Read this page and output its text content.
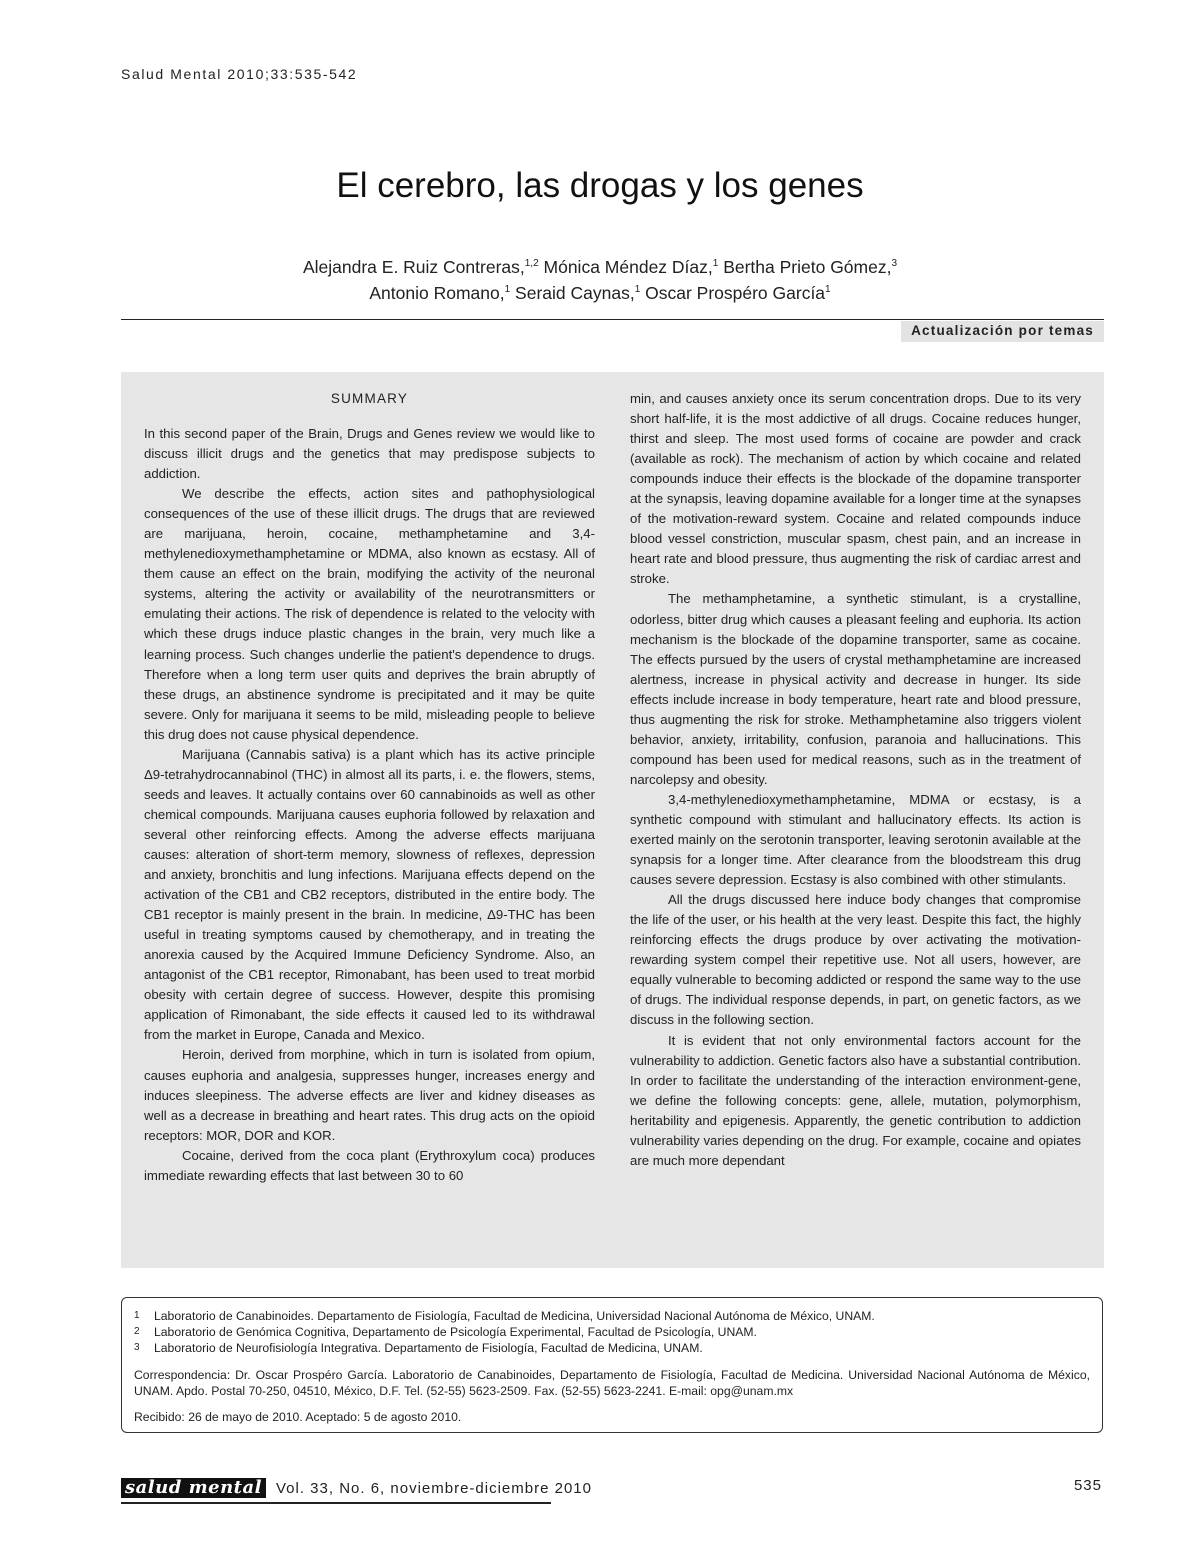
Salud Mental 2010;33:535-542
El cerebro, las drogas y los genes
Alejandra E. Ruiz Contreras,$^{1,2}$ Mónica Méndez Díaz,$^1$ Bertha Prieto Gómez,$^3$
Antonio Romano,$^1$ Seraid Caynas,$^1$ Oscar Prospéro García$^1$
Actualización por temas
SUMMARY

In this second paper of the Brain, Drugs and Genes review we would like to discuss illicit drugs and the genetics that may predispose subjects to addiction.

We describe the effects, action sites and pathophysiological consequences of the use of these illicit drugs. The drugs that are reviewed are marijuana, heroin, cocaine, methamphetamine and 3,4-methylenedioxymethamphetamine or MDMA, also known as ecstasy. All of them cause an effect on the brain, modifying the activity of the neuronal systems, altering the activity or availability of the neurotransmitters or emulating their actions. The risk of dependence is related to the velocity with which these drugs induce plastic changes in the brain, very much like a learning process. Such changes underlie the patient's dependence to drugs. Therefore when a long term user quits and deprives the brain abruptly of these drugs, an abstinence syndrome is precipitated and it may be quite severe. Only for marijuana it seems to be mild, misleading people to believe this drug does not cause physical dependence.

Marijuana (Cannabis sativa) is a plant which has its active principle Δ9-tetrahydrocannabinol (THC) in almost all its parts, i. e. the flowers, stems, seeds and leaves. It actually contains over 60 cannabinoids as well as other chemical compounds. Marijuana causes euphoria followed by relaxation and several other reinforcing effects. Among the adverse effects marijuana causes: alteration of short-term memory, slowness of reflexes, depression and anxiety, bronchitis and lung infections. Marijuana effects depend on the activation of the CB1 and CB2 receptors, distributed in the entire body. The CB1 receptor is mainly present in the brain. In medicine, Δ9-THC has been useful in treating symptoms caused by chemotherapy, and in treating the anorexia caused by the Acquired Immune Deficiency Syndrome. Also, an antagonist of the CB1 receptor, Rimonabant, has been used to treat morbid obesity with certain degree of success. However, despite this promising application of Rimonabant, the side effects it caused led to its withdrawal from the market in Europe, Canada and Mexico.

Heroin, derived from morphine, which in turn is isolated from opium, causes euphoria and analgesia, suppresses hunger, increases energy and induces sleepiness. The adverse effects are liver and kidney diseases as well as a decrease in breathing and heart rates. This drug acts on the opioid receptors: MOR, DOR and KOR.

Cocaine, derived from the coca plant (Erythroxylum coca) produces immediate rewarding effects that last between 30 to 60

min, and causes anxiety once its serum concentration drops. Due to its very short half-life, it is the most addictive of all drugs. Cocaine reduces hunger, thirst and sleep. The most used forms of cocaine are powder and crack (available as rock). The mechanism of action by which cocaine and related compounds induce their effects is the blockade of the dopamine transporter at the synapsis, leaving dopamine available for a longer time at the synapses of the motivation-reward system. Cocaine and related compounds induce blood vessel constriction, muscular spasm, chest pain, and an increase in heart rate and blood pressure, thus augmenting the risk of cardiac arrest and stroke.

The methamphetamine, a synthetic stimulant, is a crystalline, odorless, bitter drug which causes a pleasant feeling and euphoria. Its action mechanism is the blockade of the dopamine transporter, same as cocaine. The effects pursued by the users of crystal methamphetamine are increased alertness, increase in physical activity and decrease in hunger. Its side effects include increase in body temperature, heart rate and blood pressure, thus augmenting the risk for stroke. Methamphetamine also triggers violent behavior, anxiety, irritability, confusion, paranoia and hallucinations. This compound has been used for medical reasons, such as in the treatment of narcolepsy and obesity.

3,4-methylenedioxymethamphetamine, MDMA or ecstasy, is a synthetic compound with stimulant and hallucinatory effects. Its action is exerted mainly on the serotonin transporter, leaving serotonin available at the synapsis for a longer time. After clearance from the bloodstream this drug causes severe depression. Ecstasy is also combined with other stimulants.

All the drugs discussed here induce body changes that compromise the life of the user, or his health at the very least. Despite this fact, the highly reinforcing effects the drugs produce by over activating the motivation-rewarding system compel their repetitive use. Not all users, however, are equally vulnerable to becoming addicted or respond the same way to the use of drugs. The individual response depends, in part, on genetic factors, as we discuss in the following section.

It is evident that not only environmental factors account for the vulnerability to addiction. Genetic factors also have a substantial contribution. In order to facilitate the understanding of the interaction environment-gene, we define the following concepts: gene, allele, mutation, polymorphism, heritability and epigenesis. Apparently, the genetic contribution to addiction vulnerability varies depending on the drug. For example, cocaine and opiates are much more dependant

1	Laboratorio de Canabinoides. Departamento de Fisiología, Facultad de Medicina, Universidad Nacional Autónoma de México, UNAM.
2	Laboratorio de Genómica Cognitiva, Departamento de Psicología Experimental, Facultad de Psicología, UNAM.
3	Laboratorio de Neurofisiología Integrativa. Departamento de Fisiología, Facultad de Medicina, UNAM.
Correspondencia: Dr. Oscar Prospéro García. Laboratorio de Canabinoides, Departamento de Fisiología, Facultad de Medicina. Universidad Nacional Autónoma de México, UNAM. Apdo. Postal 70-250, 04510, México, D.F. Tel. (52-55) 5623-2509. Fax. (52-55) 5623-2241. E-mail: opg@unam.mx
Recibido: 26 de mayo de 2010. Aceptado: 5 de agosto 2010.
salud mental Vol. 33, No. 6, noviembre-diciembre 2010	535
